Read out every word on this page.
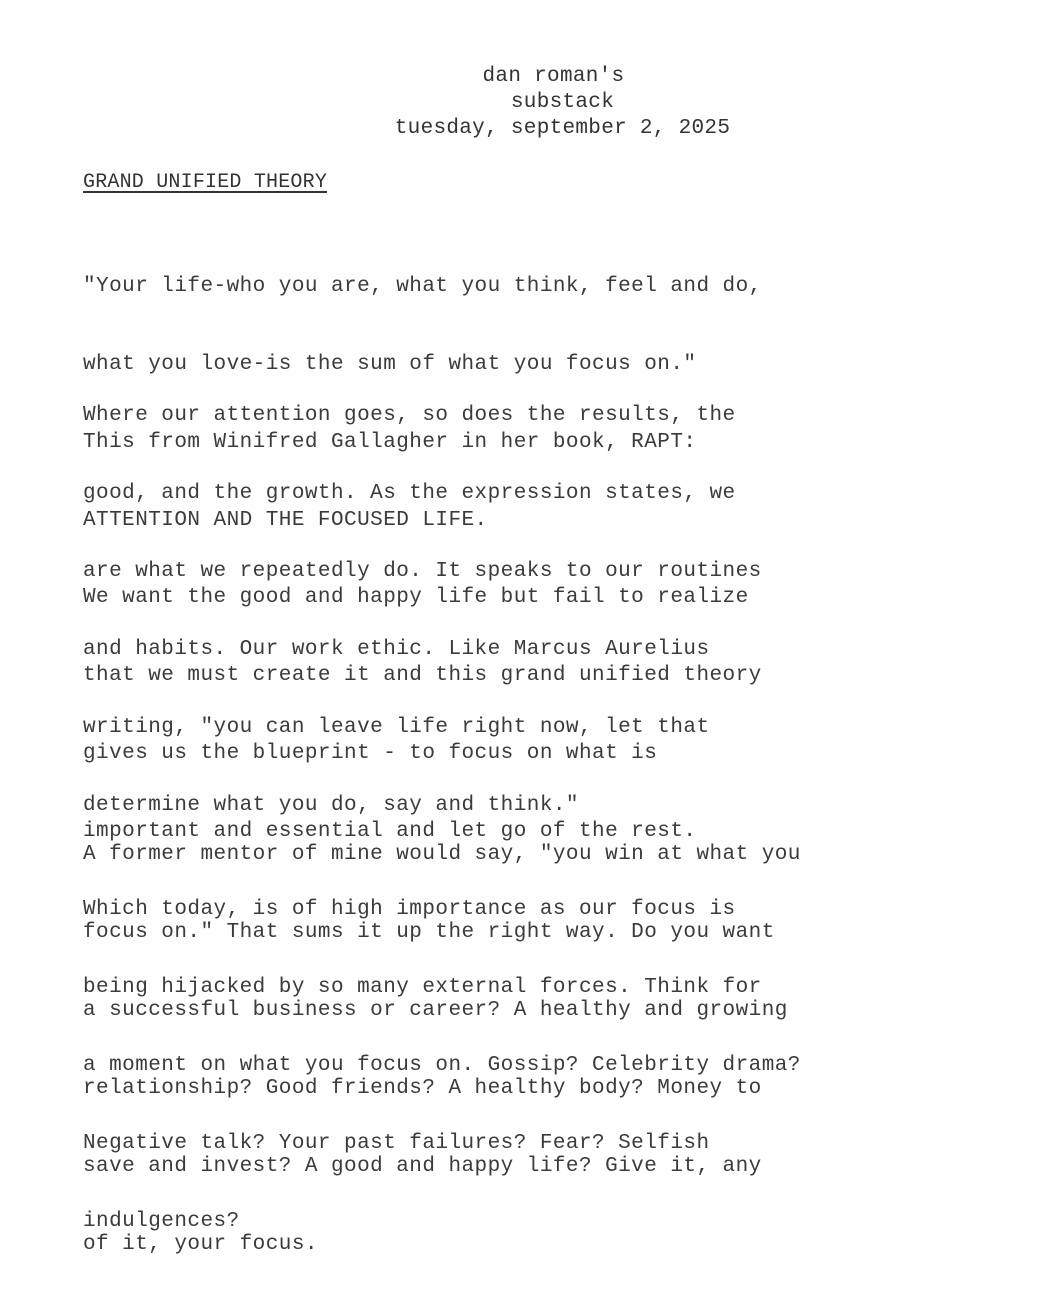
dan roman's
substack
tuesday, september 2, 2025
GRAND UNIFIED THEORY

"Your life-who you are, what you think, feel and do,

what you love-is the sum of what you focus on."

This from Winifred Gallagher in her book, RAPT:

ATTENTION AND THE FOCUSED LIFE.

Where our attention goes, so does the results, the

good, and the growth. As the expression states, we

are what we repeatedly do. It speaks to our routines

and habits. Our work ethic. Like Marcus Aurelius

writing, "you can leave life right now, let that

determine what you do, say and think."

We want the good and happy life but fail to realize

that we must create it and this grand unified theory

gives us the blueprint - to focus on what is

important and essential and let go of the rest.

Which today, is of high importance as our focus is

being hijacked by so many external forces. Think for

a moment on what you focus on. Gossip? Celebrity drama?

Negative talk? Your past failures? Fear? Selfish

indulgences?

A former mentor of mine would say, "you win at what you

focus on." That sums it up the right way. Do you want

a successful business or career? A healthy and growing

relationship? Good friends? A healthy body? Money to

save and invest? A good and happy life? Give it, any

of it, your focus.
